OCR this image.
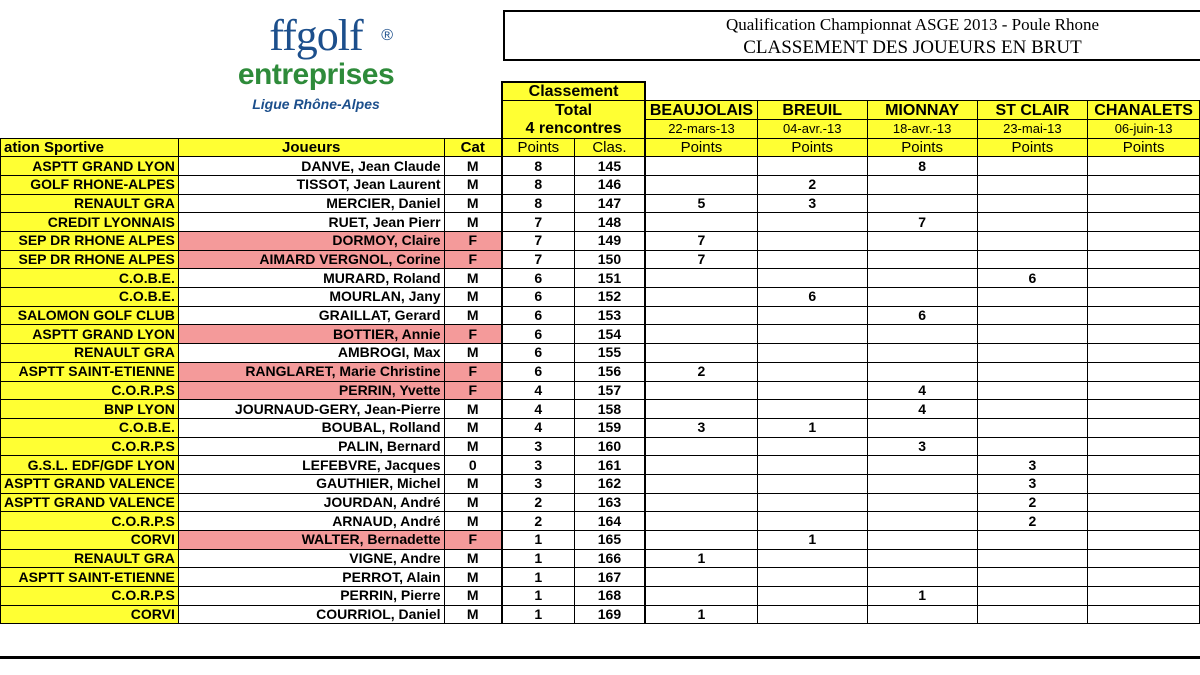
ffgolf ®
entreprises
Ligue Rhône-Alpes
Qualification Championnat ASGE 2013 - Poule Rhone
CLASSEMENT DES JOUEURS EN BRUT
			Classement						
			Total		BEAUJOLAIS	BREUIL	MIONNAY	ST CLAIR	CHANALETS
			4 rencontres		22-mars-13	04-avr.-13	18-avr.-13	23-mai-13	06-juin-13
ation Sportive	Joueurs	Cat	Points	Clas.	Points	Points	Points	Points	Points
ASPTT GRAND LYON	DANVE, Jean Claude	M	8	145			8		
GOLF RHONE-ALPES	TISSOT, Jean Laurent	M	8	146		2			
RENAULT GRA	MERCIER, Daniel	M	8	147	5	3			
CREDIT LYONNAIS	RUET, Jean Pierr	M	7	148			7		
SEP DR RHONE ALPES	DORMOY, Claire	F	7	149	7				
SEP DR RHONE ALPES	AIMARD VERGNOL, Corine	F	7	150	7				
C.O.B.E.	MURARD, Roland	M	6	151				6	
C.O.B.E.	MOURLAN, Jany	M	6	152		6			
SALOMON GOLF CLUB	GRAILLAT, Gerard	M	6	153			6		
ASPTT GRAND LYON	BOTTIER, Annie	F	6	154					
RENAULT GRA	AMBROGI, Max	M	6	155					
ASPTT SAINT-ETIENNE	RANGLARET, Marie Christine	F	6	156	2				
C.O.R.P.S	PERRIN, Yvette	F	4	157			4		
BNP LYON	JOURNAUD-GERY, Jean-Pierre	M	4	158			4		
C.O.B.E.	BOUBAL, Rolland	M	4	159	3	1			
C.O.R.P.S	PALIN, Bernard	M	3	160			3		
G.S.L. EDF/GDF LYON	LEFEBVRE, Jacques	0	3	161				3	
ASPTT GRAND VALENCE	GAUTHIER, Michel	M	3	162				3	
ASPTT GRAND VALENCE	JOURDAN, André	M	2	163				2	
C.O.R.P.S	ARNAUD, André	M	2	164				2	
CORVI	WALTER, Bernadette	F	1	165		1			
RENAULT GRA	VIGNE, Andre	M	1	166	1				
ASPTT SAINT-ETIENNE	PERROT, Alain	M	1	167					
C.O.R.P.S	PERRIN, Pierre	M	1	168			1		
CORVI	COURRIOL, Daniel	M	1	169	1				
